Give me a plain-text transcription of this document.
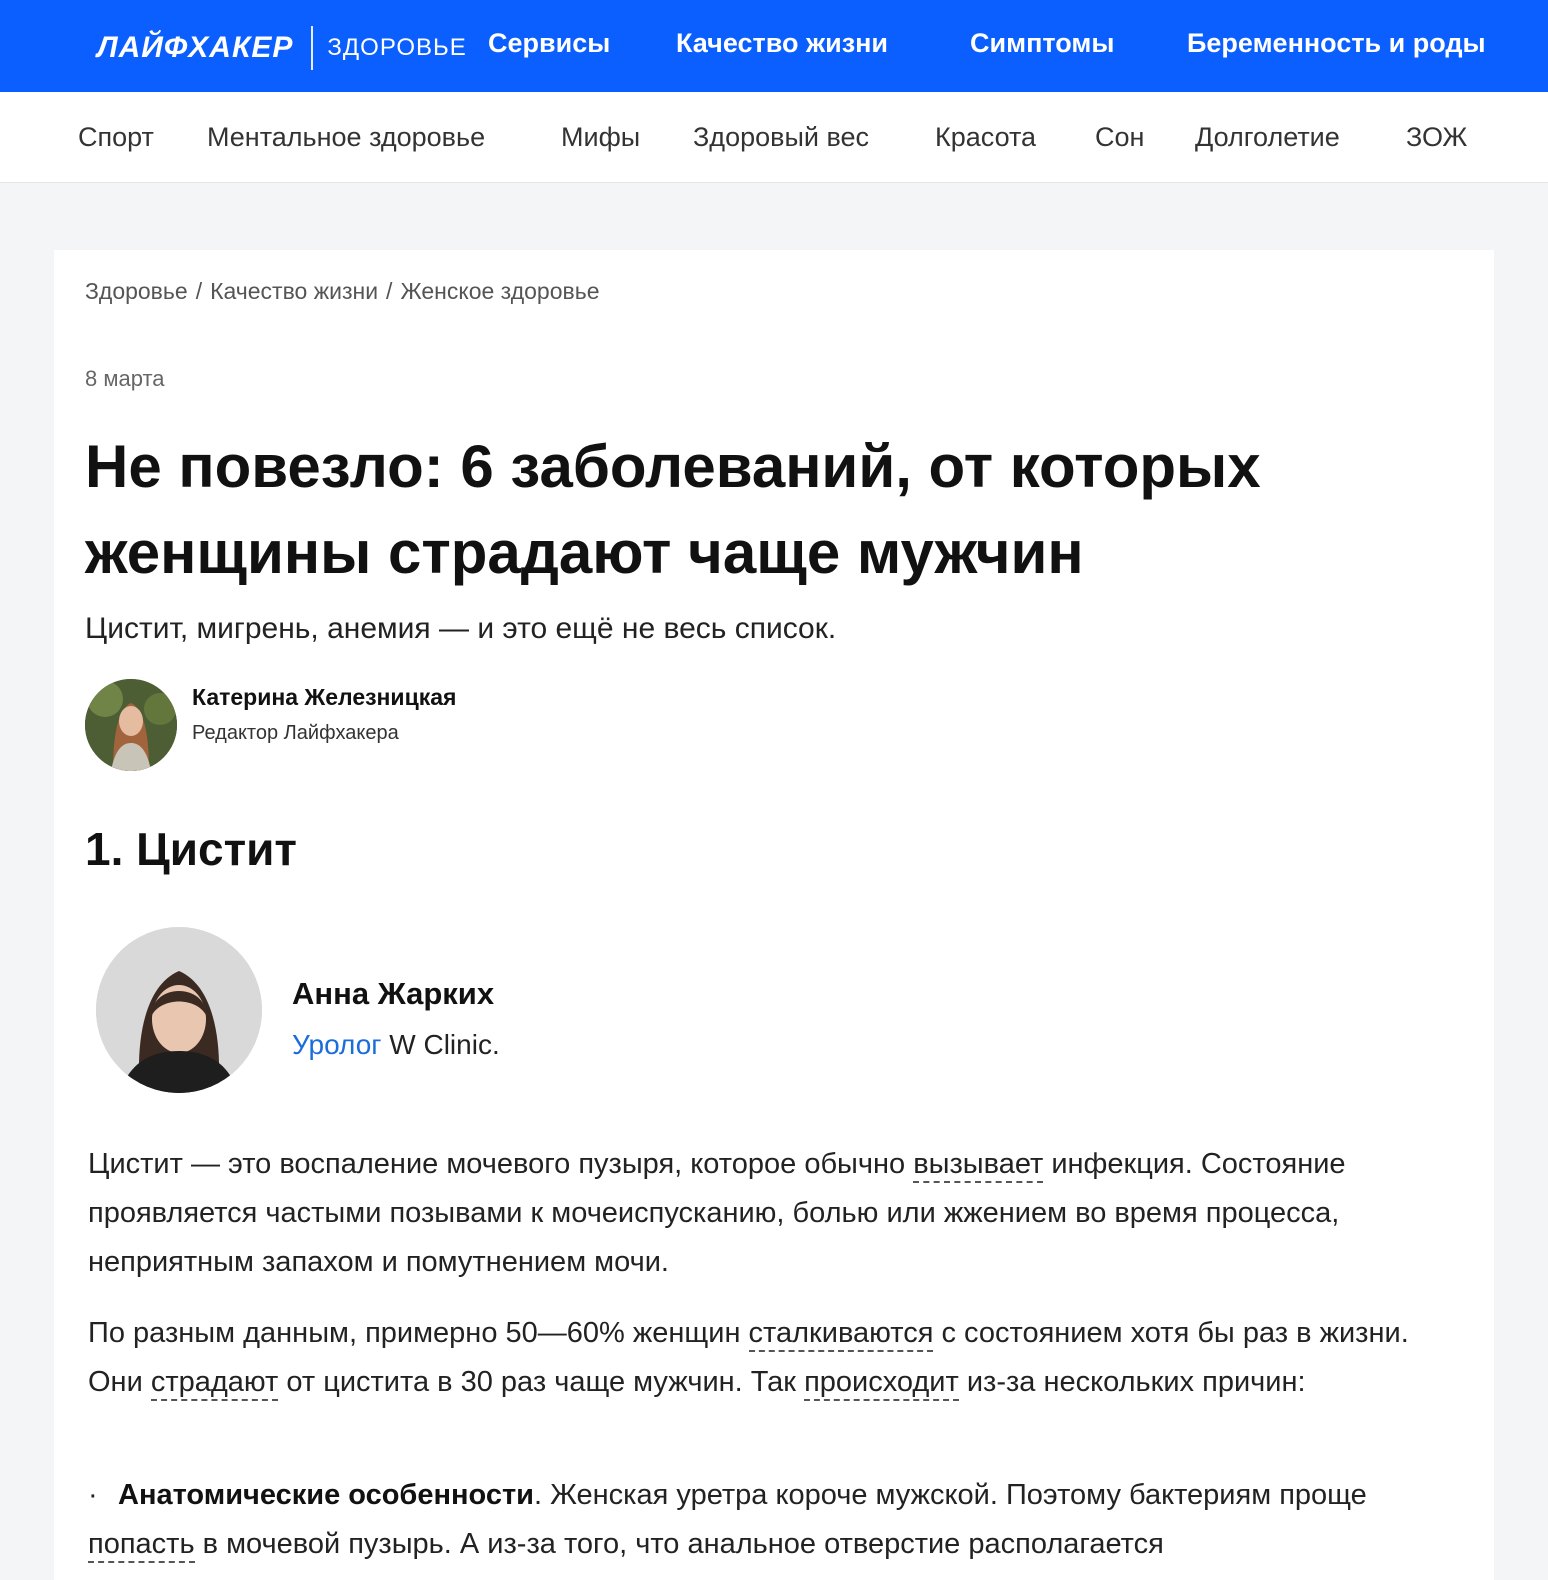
ЛАЙФХАКЕР ЗДОРОВЬЕ Сервисы Качество жизни	Симптомы	Беременность и роды
Спорт Ментальное здоровье	Мифы Здоровый вес Красота Сон Долголетие ЗОЖ
Здоровье / Качество жизни / Женское здоровье
8 марта
Не повезло: 6 заболеваний, от которых женщины страдают чаще мужчин
Цистит, мигрень, анемия — и это ещё не весь список.
Катерина Железницкая
Редактор Лайфхакера
1. Цистит
Анна Жарких
Уролог W Clinic.

Цистит — это воспаление мочевого пузыря, которое обычно вызывает инфекция. Состояние проявляется частыми позывами к мочеиспусканию, болью или жжением во время процесса, неприятным запахом и помутнением мочи.

По разным данным, примерно 50—60% женщин сталкиваются с состоянием хотя бы раз в жизни. Они страдают от цистита в 30 раз чаще мужчин. Так происходит из-за нескольких причин:

· Анатомические особенности. Женская уретра короче мужской. Поэтому бактериям проще попасть в мочевой пузырь. А из-за того, что анальное отверстие располагается
